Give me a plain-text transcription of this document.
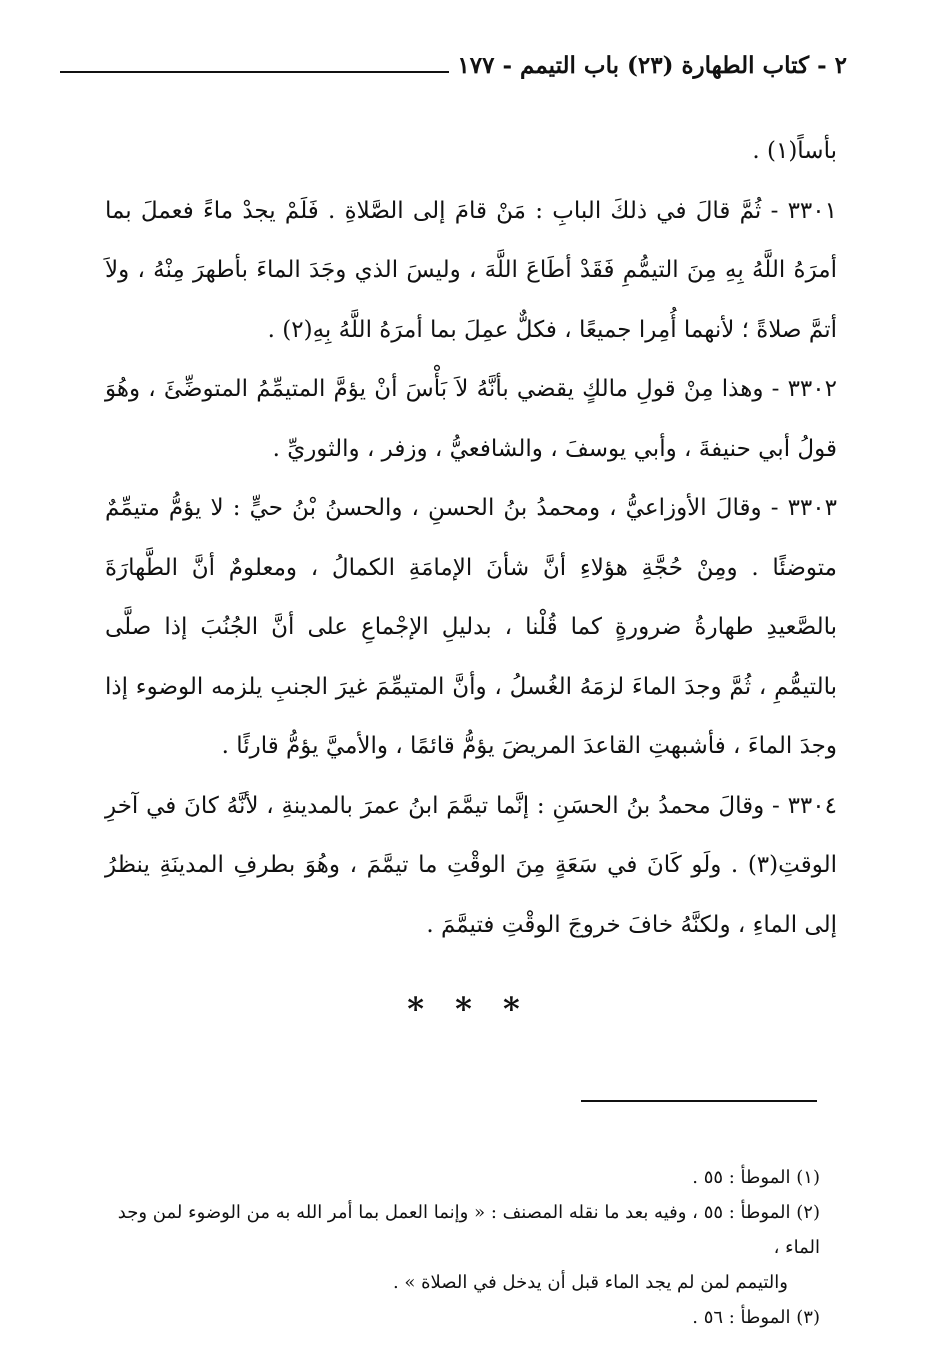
٢ - كتاب الطهارة (٢٣) باب التيمم - ١٧٧

بأساً(١) .

٣٣٠١ - ثُمَّ قالَ في ذلكَ البابِ : مَنْ قامَ إلى الصَّلاةِ . فَلَمْ يجدْ ماءً فعملَ بما أمرَهُ اللَّهُ بِهِ مِنَ التيمُّمِ فَقَدْ أطَاعَ اللَّهَ ، وليسَ الذي وجَدَ الماءَ بأطهرَ مِنْهُ ، ولاَ أتمَّ صلاةً ؛ لأنهما أُمِرا جميعًا ، فكلٌّ عمِلَ بما أمرَهُ اللَّهُ بِهِ(٢) .

٣٣٠٢ - وهذا مِنْ قولِ مالكٍ يقضي بأنَّهُ لاَ بَأْسَ أنْ يؤمَّ المتيمِّمُ المتوضِّئَ ، وهُوَ قولُ أبي حنيفةَ ، وأبي يوسفَ ، والشافعيُّ ، وزفر ، والثوريِّ .

٣٣٠٣ - وقالَ الأوزاعيُّ ، ومحمدُ بنُ الحسنِ ، والحسنُ بْنُ حيٍّ : لا يؤمُّ متيمِّمٌ متوضئًا . ومِنْ حُجَّةِ هؤلاءِ أنَّ شأنَ الإمامَةِ الكمالُ ، ومعلومٌ أنَّ الطَّهارَةَ بالصَّعيدِ طهارةُ ضرورةٍ كما قُلْنا ، بدليلِ الإجْماعِ على أنَّ الجُنُبَ إذا صلَّى بالتيمُّمِ ، ثُمَّ وجدَ الماءَ لزمَهُ الغُسلُ ، وأنَّ المتيمِّمَ غيرَ الجنبِ يلزمه الوضوء إذا وجدَ الماءَ ، فأشبهتِ القاعدَ المريضَ يؤمُّ قائمًا ، والأميَّ يؤمُّ قارئًا .

٣٣٠٤ - وقالَ محمدُ بنُ الحسَنِ : إنَّما تيمَّمَ ابنُ عمرَ بالمدينةِ ، لأنَّهُ كانَ في آخرِ الوقتِ(٣) . ولَو كَانَ في سَعَةٍ مِنَ الوقْتِ ما تيمَّمَ ، وهُوَ بطرفِ المدينَةِ ينظرُ إلى الماءِ ، ولكنَّهُ خافَ خروجَ الوقْتِ فتيمَّمَ .

* * *

(١) الموطأ : ٥٥ .

(٢) الموطأ : ٥٥ ، وفيه بعد ما نقله المصنف : « وإنما العمل بما أمر الله به من الوضوء لمن وجد الماء ،

والتيمم لمن لم يجد الماء قبل أن يدخل في الصلاة » .

(٣) الموطأ : ٥٦ .
